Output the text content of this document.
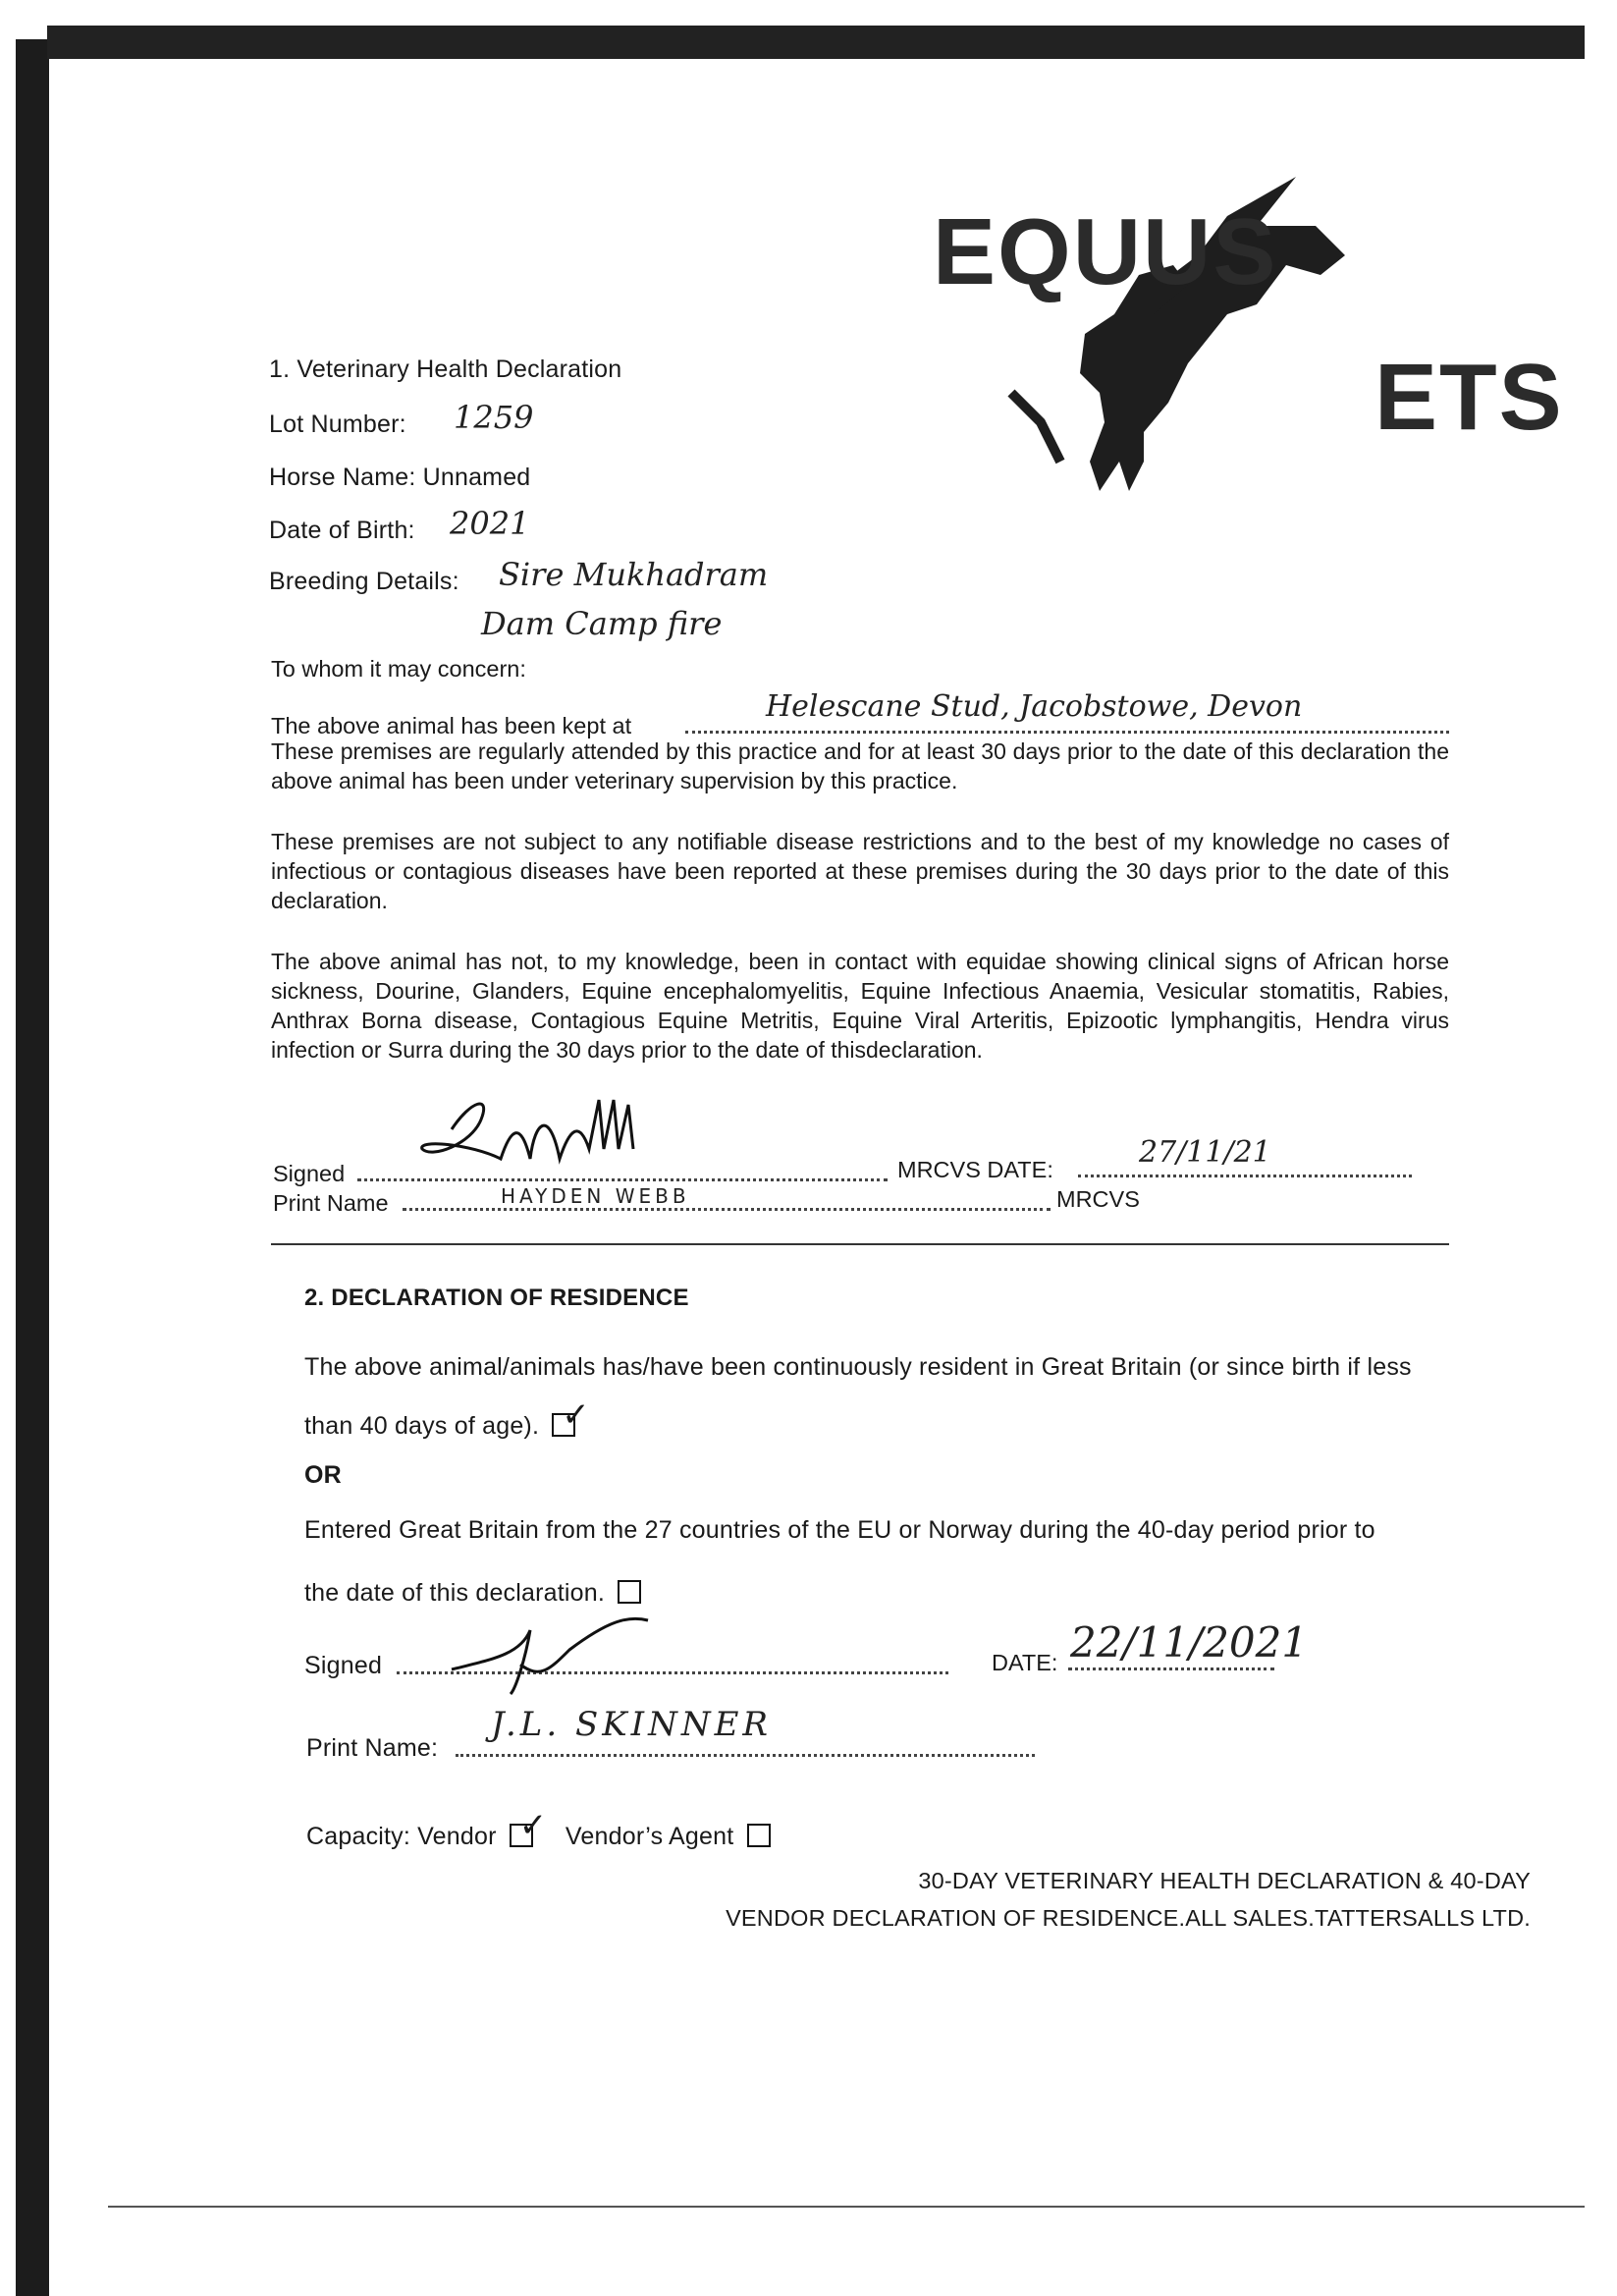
EQUUS
ETS
1. Veterinary Health Declaration
Lot Number: 1259
Horse Name: Unnamed
Date of Birth: 2021
Breeding Details: Sire Mukhadram
Dam Camp fire
To whom it may concern:
The above animal has been kept at
Helescane Stud, Jacobstowe, Devon
These premises are regularly attended by this practice and for at least 30 days prior to the date of this declaration the above animal has been under veterinary supervision by this practice.
These premises are not subject to any notifiable disease restrictions and to the best of my knowledge no cases of infectious or contagious diseases have been reported at these premises during the 30 days prior to the date of this declaration.
The above animal has not, to my knowledge, been in contact with equidae showing clinical signs of African horse sickness, Dourine, Glanders, Equine encephalomyelitis, Equine Infectious Anaemia, Vesicular stomatitis, Rabies, Anthrax Borna disease, Contagious Equine Metritis, Equine Viral Arteritis, Epizootic lymphangitis, Hendra virus infection or Surra during the 30 days prior to the date of thisdeclaration.
Signed	MRCVS DATE:	27/11/21
Print Name	HAYDEN WEBB	MRCVS
2. DECLARATION OF RESIDENCE
The above animal/animals has/have been continuously resident in Great Britain (or since birth if less
than 40 days of age). ✓
OR
Entered Great Britain from the 27 countries of the EU or Norway during the 40-day period prior to
the date of this declaration.
Signed	DATE: 22/11/2021
Print Name:
J.L. SKINNER
Capacity: Vendor ✓ Vendor’s Agent
30-DAY VETERINARY HEALTH DECLARATION & 40-DAY
VENDOR DECLARATION OF RESIDENCE.ALL SALES.TATTERSALLS LTD.
